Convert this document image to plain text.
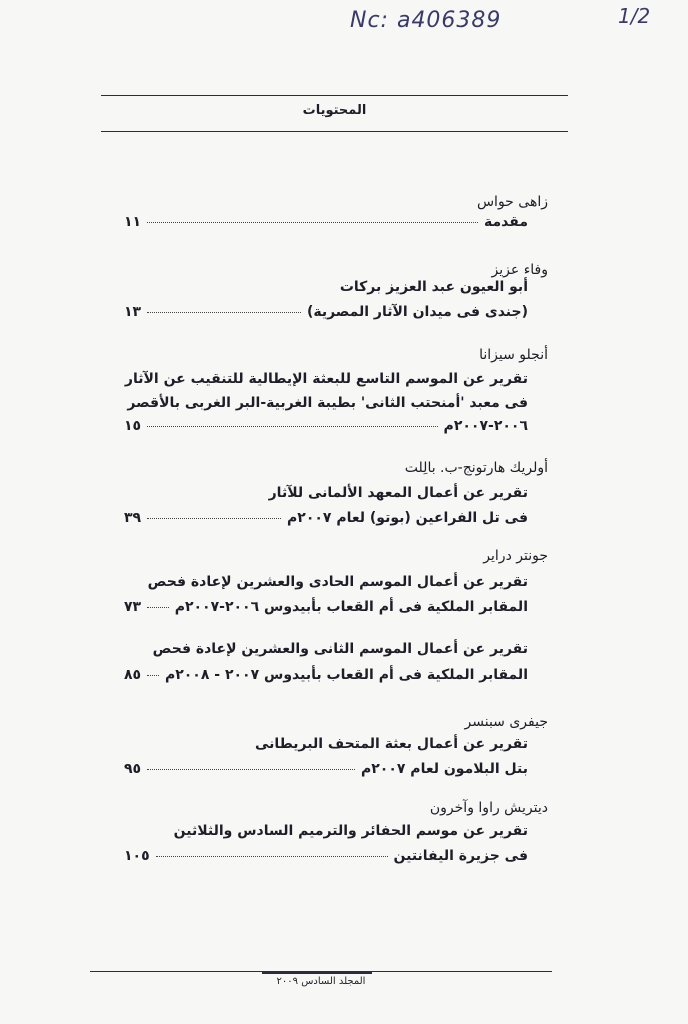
Nc: a406389	1/2
المحتويات
زاهى حواس
مقدمة
١١
وفاء عزيز
أبو العيون عبد العزيز بركات
(جندى فى ميدان الآثار المصرية)
١٣
أنجلو سيزانا
تقرير عن الموسم التاسع للبعثة الإيطالية للتنقيب عن الآثار
فى معبد 'أمنحتب الثانى' بطيبة الغربية-البر الغربى بالأقصر
٢٠٠٦-٢٠٠٧م
١٥
أولريك هارتونج-ب. بالِلت
تقرير عن أعمال المعهد الألمانى للآثار
فى تل الفراعين (بوتو) لعام ٢٠٠٧م
٣٩
جونتر دراير
تقرير عن أعمال الموسم الحادى والعشرين لإعادة فحص
المقابر الملكية فى أم القعاب بأبيدوس ٢٠٠٦-٢٠٠٧م
٧٣
تقرير عن أعمال الموسم الثانى والعشرين لإعادة فحص
المقابر الملكية فى أم القعاب بأبيدوس ٢٠٠٧ - ٢٠٠٨م
٨٥
جيفرى سبنسر
تقرير عن أعمال بعثة المتحف البريطانى
بتل البلامون لعام ٢٠٠٧م
٩٥
ديتريش راوا وآخرون
تقرير عن موسم الحفائر والترميم السادس والثلاثين
فى جزيرة اليفانتين
١٠٥
المجلد السادس ٢٠٠٩
